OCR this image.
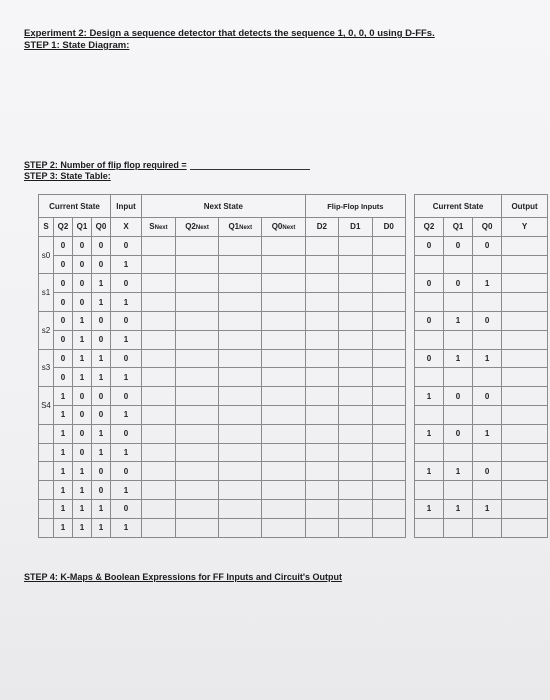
Experiment 2: Design a sequence detector that detects the sequence 1, 0, 0, 0 using D-FFs.
STEP 1: State Diagram:
STEP 2: Number of flip flop required =
STEP 3: State Table:
Current State				Input	Next State				Flip-Flop Inputs		
S	Q2	Q1	Q0	X	SNext	Q2Next	Q1Next	Q0Next	D2	D1	D0
s0	0	0	0	0							
	0	0	0	1							
s1	0	0	1	0							
	0	0	1	1							
s2	0	1	0	0							
	0	1	0	1							
s3	0	1	1	0							
	0	1	1	1							
S4	1	0	0	0							
	1	0	0	1							
	1	0	1	0							
	1	0	1	1							
	1	1	0	0							
	1	1	0	1							
	1	1	1	0							
	1	1	1	1							
Current State			Output
Q2	Q1	Q0	Y
0	0	0	

0	0	1	

0	1	0	

0	1	1	

1	0	0	

1	0	1	

1	1	0	

1	1	1	

STEP 4: K-Maps & Boolean Expressions for FF Inputs and Circuit's Output
